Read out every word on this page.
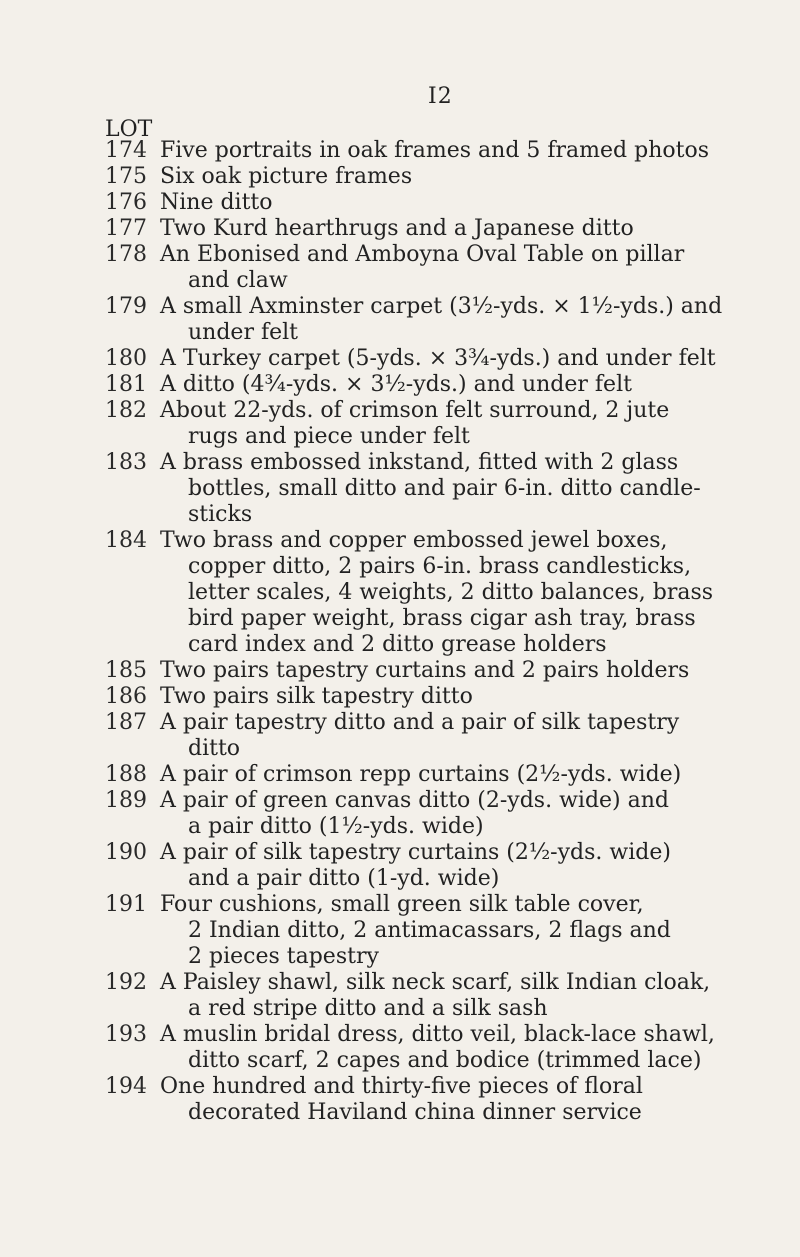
I2
LOT
174 Five portraits in oak frames and 5 framed photos
175 Six oak picture frames
176 Nine ditto
177 Two Kurd hearthrugs and a Japanese ditto
178 An Ebonised and Amboyna Oval Table on pillar
and claw
179 A small Axminster carpet (3½-yds. × 1½-yds.) and
under felt
180 A Turkey carpet (5-yds. × 3¾-yds.) and under felt
181 A ditto (4¾-yds. × 3½-yds.) and under felt
182 About 22-yds. of crimson felt surround, 2 jute
rugs and piece under felt
183 A brass embossed inkstand, fitted with 2 glass
bottles, small ditto and pair 6-in. ditto candle-
sticks
184 Two brass and copper embossed jewel boxes,
copper ditto, 2 pairs 6-in. brass candlesticks,
letter scales, 4 weights, 2 ditto balances, brass
bird paper weight, brass cigar ash tray, brass
card index and 2 ditto grease holders
185 Two pairs tapestry curtains and 2 pairs holders
186 Two pairs silk tapestry ditto
187 A pair tapestry ditto and a pair of silk tapestry
ditto
188 A pair of crimson repp curtains (2½-yds. wide)
189 A pair of green canvas ditto (2-yds. wide) and
a pair ditto (1½-yds. wide)
190 A pair of silk tapestry curtains (2½-yds. wide)
and a pair ditto (1-yd. wide)
191 Four cushions, small green silk table cover,
2 Indian ditto, 2 antimacassars, 2 flags and
2 pieces tapestry
192 A Paisley shawl, silk neck scarf, silk Indian cloak,
a red stripe ditto and a silk sash
193 A muslin bridal dress, ditto veil, black-lace shawl,
ditto scarf, 2 capes and bodice (trimmed lace)
194 One hundred and thirty-five pieces of floral
decorated Haviland china dinner service
